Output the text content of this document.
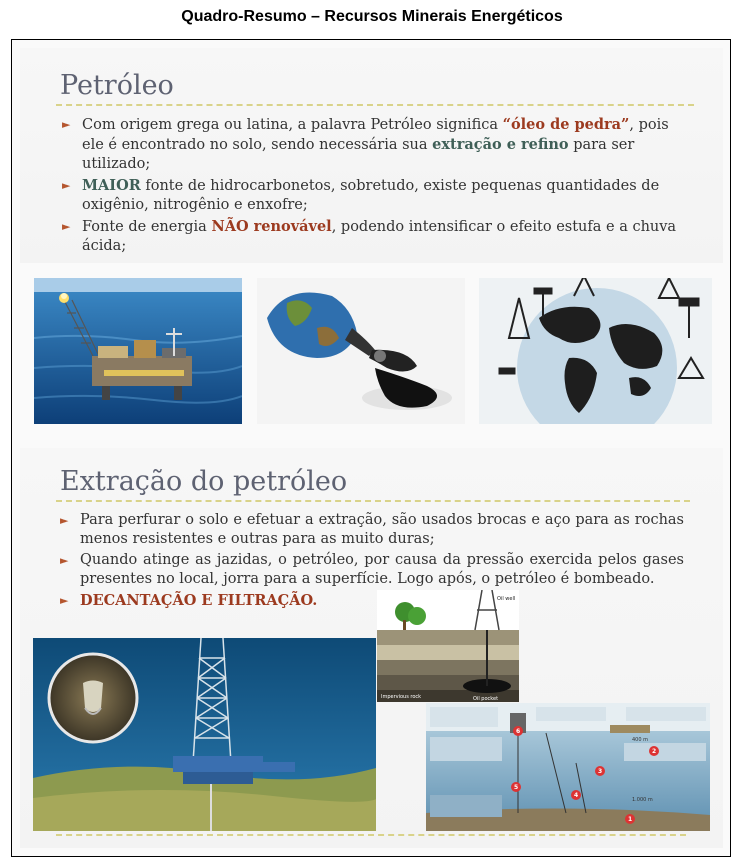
Quadro-Resumo – Recursos Minerais Energéticos
Petróleo
► Com origem grega ou latina, a palavra Petróleo significa “óleo de pedra”, pois ele é encontrado no solo, sendo necessária sua extração e refino para ser utilizado;
► MAIOR fonte de hidrocarbonetos, sobretudo, existe pequenas quantidades de oxigênio, nitrogênio e enxofre;
► Fonte de energia NÃO renovável, podendo intensificar o efeito estufa e a chuva ácida;
Extração do petróleo
► Para perfurar o solo e efetuar a extração, são usados brocas e aço para as rochas menos resistentes e outras para as muito duras;
► Quando atinge as jazidas, o petróleo, por causa da pressão exercida pelos gases presentes no local, jorra para a superfície. Logo após, o petróleo é bombeado.
► DECANTAÇÃO E FILTRAÇÃO.	Oil well
Impervious rock	Oil pocket
6
2
3
4
5
1
400 m
1.000 m
